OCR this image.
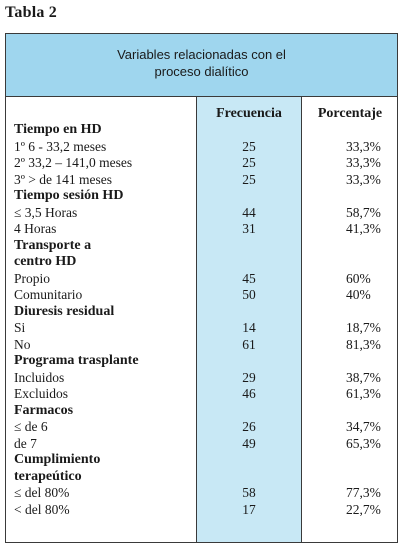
Tabla 2
Variables relacionadas con el
proceso dialítico
Frecuencia	Porcentaje
Tiempo en HD
1º 6 - 33,2 meses	25	33,3%
2º 33,2 – 141,0 meses	25	33,3%
3º > de 141 meses	25	33,3%
Tiempo sesión HD
≤ 3,5 Horas	44	58,7%
4 Horas	31	41,3%
Transporte a
centro HD
Propio	45	60%
Comunitario	50	40%
Diuresis residual
Si	14	18,7%
No	61	81,3%
Programa trasplante
Incluidos	29	38,7%
Excluidos	46	61,3%
Farmacos
≤ de 6	26	34,7%
de 7	49	65,3%
Cumplimiento
terapeútico
≤ del 80%	58	77,3%
< del 80%	17	22,7%
